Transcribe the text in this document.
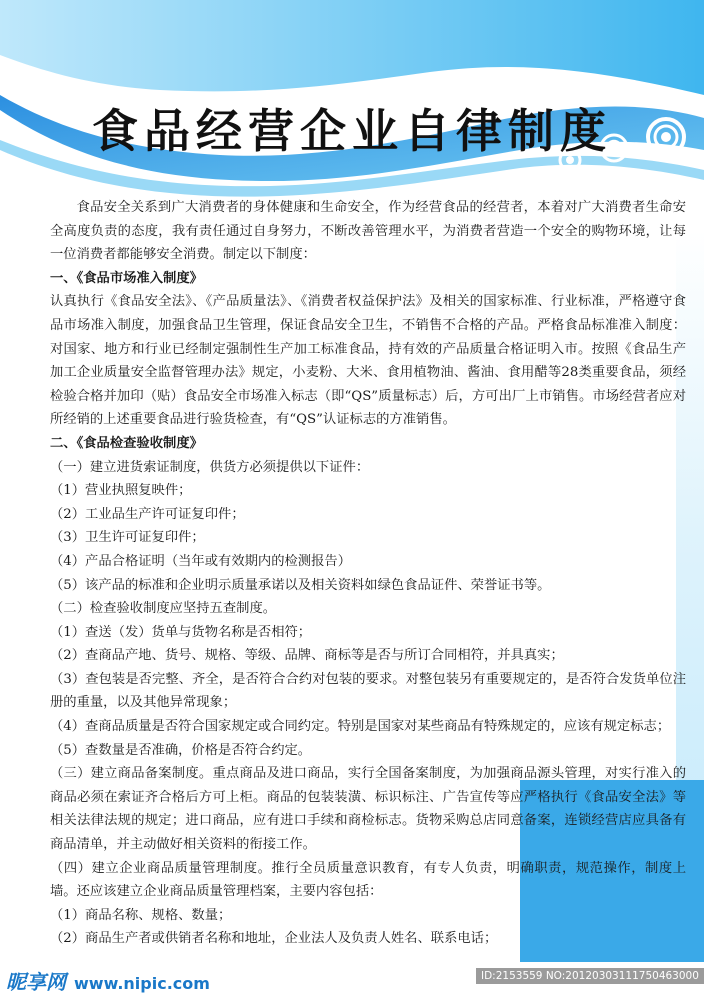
食品经营企业自律制度

食品安全关系到广大消费者的身体健康和生命安全，作为经营食品的经营者，本着对广大消费者生命安全高度负责的态度，我有责任通过自身努力，不断改善管理水平，为消费者营造一个安全的购物环境，让每一位消费者都能够安全消费。制定以下制度：

一、《食品市场准入制度》

认真执行《食品安全法》、《产品质量法》、《消费者权益保护法》及相关的国家标准、行业标准，严格遵守食品市场准入制度，加强食品卫生管理，保证食品安全卫生，不销售不合格的产品。严格食品标准准入制度：对国家、地方和行业已经制定强制性生产加工标准食品，持有效的产品质量合格证明入市。按照《食品生产加工企业质量安全监督管理办法》规定，小麦粉、大米、食用植物油、酱油、食用醋等28类重要食品，须经检验合格并加印（贴）食品安全市场准入标志（即“QS”质量标志）后，方可出厂上市销售。市场经营者应对所经销的上述重要食品进行验货检查，有“QS”认证标志的方准销售。

二、《食品检查验收制度》

（一）建立进货索证制度，供货方必须提供以下证件：

（1）营业执照复映件；

（2）工业品生产许可证复印件；

（3）卫生许可证复印件；

（4）产品合格证明（当年或有效期内的检测报告）

（5）该产品的标准和企业明示质量承诺以及相关资料如绿色食品证件、荣誉证书等。

（二）检查验收制度应坚持五查制度。

（1）查送（发）货单与货物名称是否相符；

（2）查商品产地、货号、规格、等级、品牌、商标等是否与所订合同相符，并具真实；

（3）查包装是否完整、齐全，是否符合合约对包装的要求。对整包装另有重要规定的，是否符合发货单位注册的重量，以及其他异常现象；

（4）查商品质量是否符合国家规定或合同约定。特别是国家对某些商品有特殊规定的，应该有规定标志；

（5）查数量是否准确，价格是否符合约定。

（三）建立商品备案制度。重点商品及进口商品，实行全国备案制度，为加强商品源头管理，对实行准入的商品必须在索证齐合格后方可上柜。商品的包装装潢、标识标注、广告宣传等应严格执行《食品安全法》等相关法律法规的规定；进口商品，应有进口手续和商检标志。货物采购总店同意备案，连锁经营店应具备有商品清单，并主动做好相关资料的衔接工作。

（四）建立企业商品质量管理制度。推行全员质量意识教育，有专人负责，明确职责，规范操作，制度上墙。还应该建立企业商品质量管理档案，主要内容包括：

（1）商品名称、规格、数量；

（2）商品生产者或供销者名称和地址，企业法人及负责人姓名、联系电话；

昵享网 www.nipic.com	ID:2153559 NO:20120303111750463000
